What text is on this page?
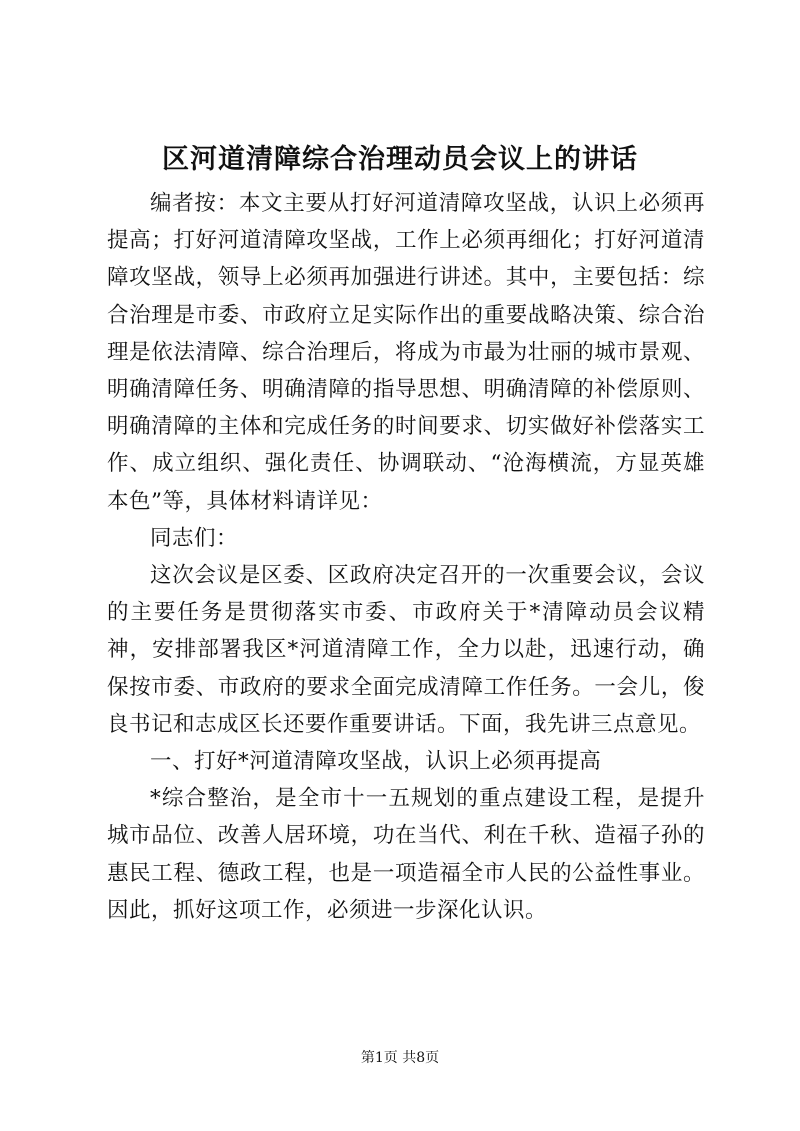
区河道清障综合治理动员会议上的讲话

编者按：本文主要从打好河道清障攻坚战，认识上必须再提高；打好河道清障攻坚战，工作上必须再细化；打好河道清障攻坚战，领导上必须再加强进行讲述。其中，主要包括：综合治理是市委、市政府立足实际作出的重要战略决策、综合治理是依法清障、综合治理后，将成为市最为壮丽的城市景观、明确清障任务、明确清障的指导思想、明确清障的补偿原则、明确清障的主体和完成任务的时间要求、切实做好补偿落实工作、成立组织、强化责任、协调联动、“沧海横流，方显英雄本色”等，具体材料请详见：

同志们：

这次会议是区委、区政府决定召开的一次重要会议，会议的主要任务是贯彻落实市委、市政府关于*清障动员会议精神，安排部署我区*河道清障工作，全力以赴，迅速行动，确保按市委、市政府的要求全面完成清障工作任务。一会儿，俊良书记和志成区长还要作重要讲话。下面，我先讲三点意见。

一、打好*河道清障攻坚战，认识上必须再提高

*综合整治，是全市十一五规划的重点建设工程，是提升城市品位、改善人居环境，功在当代、利在千秋、造福子孙的惠民工程、德政工程，也是一项造福全市人民的公益性事业。因此，抓好这项工作，必须进一步深化认识。

第1页 共8页
